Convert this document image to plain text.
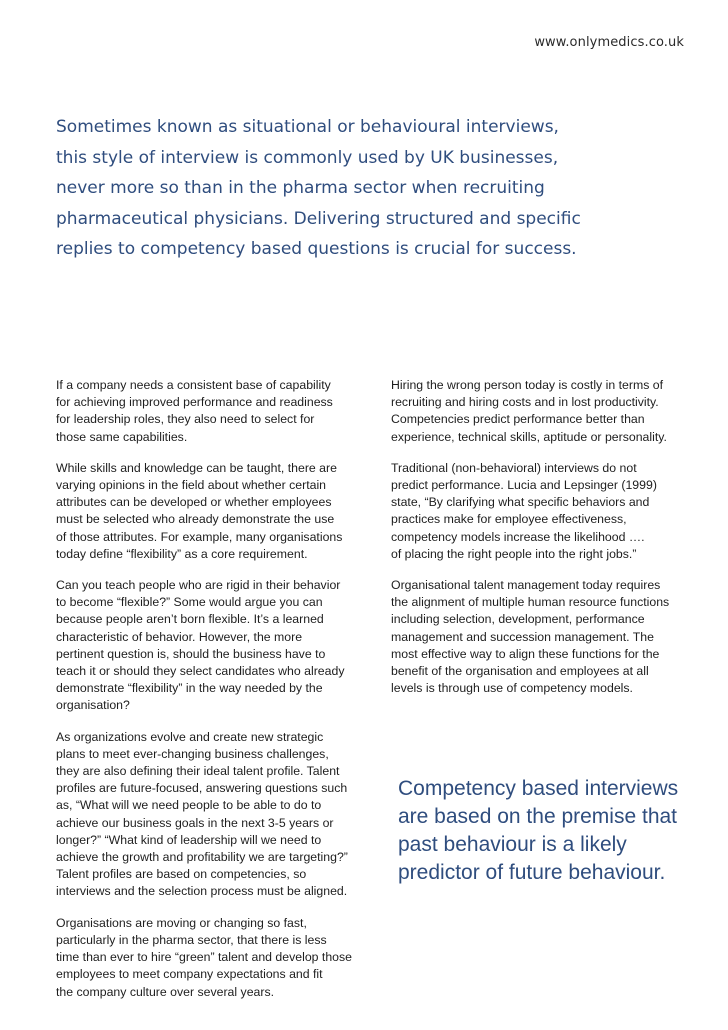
www.onlymedics.co.uk
Sometimes known as situational or behavioural interviews,
this style of interview is commonly used by UK businesses,
never more so than in the pharma sector when recruiting
pharmaceutical physicians. Delivering structured and specific
replies to competency based questions is crucial for success.

If a company needs a consistent base of capability
for achieving improved performance and readiness
for leadership roles, they also need to select for
those same capabilities.

While skills and knowledge can be taught, there are
varying opinions in the field about whether certain
attributes can be developed or whether employees
must be selected who already demonstrate the use
of those attributes. For example, many organisations
today define “flexibility” as a core requirement.

Can you teach people who are rigid in their behavior
to become “flexible?” Some would argue you can
because people aren’t born flexible. It’s a learned
characteristic of behavior. However, the more
pertinent question is, should the business have to
teach it or should they select candidates who already
demonstrate “flexibility” in the way needed by the
organisation?

As organizations evolve and create new strategic
plans to meet ever-changing business challenges,
they are also defining their ideal talent profile. Talent
profiles are future-focused, answering questions such
as, “What will we need people to be able to do to
achieve our business goals in the next 3-5 years or
longer?” “What kind of leadership will we need to
achieve the growth and profitability we are targeting?”
Talent profiles are based on competencies, so
interviews and the selection process must be aligned.

Organisations are moving or changing so fast,
particularly in the pharma sector, that there is less
time than ever to hire “green” talent and develop those
employees to meet company expectations and fit
the company culture over several years.

Hiring the wrong person today is costly in terms of
recruiting and hiring costs and in lost productivity.
Competencies predict performance better than
experience, technical skills, aptitude or personality.

Traditional (non-behavioral) interviews do not
predict performance. Lucia and Lepsinger (1999)
state, “By clarifying what specific behaviors and
practices make for employee effectiveness,
competency models increase the likelihood ….
of placing the right people into the right jobs.”

Organisational talent management today requires
the alignment of multiple human resource functions
including selection, development, performance
management and succession management. The
most effective way to align these functions for the
benefit of the organisation and employees at all
levels is through use of competency models.

Competency based interviews
are based on the premise that
past behaviour is a likely
predictor of future behaviour.
